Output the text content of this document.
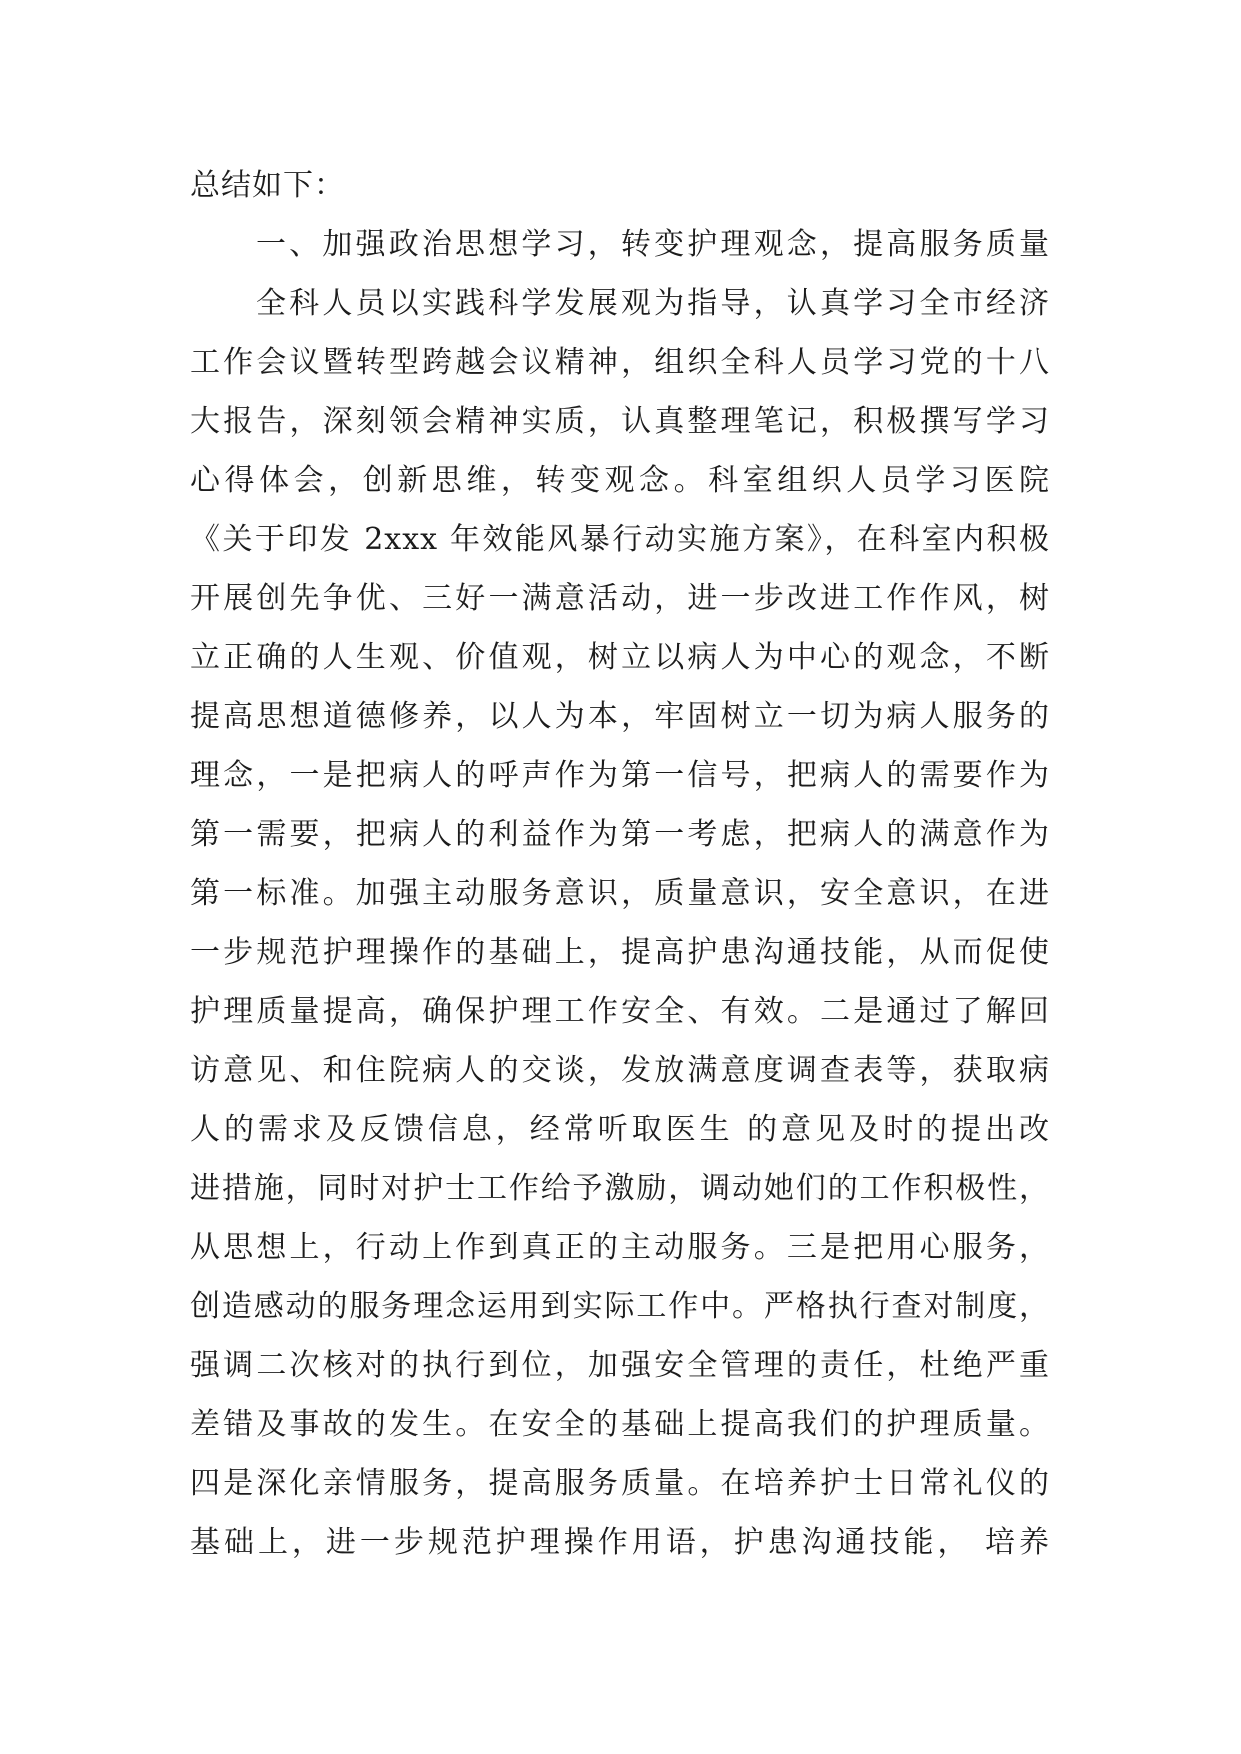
总结如下：
一、加强政治思想学习，转变护理观念，提高服务质量
全科人员以实践科学发展观为指导，认真学习全市经济
工作会议暨转型跨越会议精神，组织全科人员学习党的十八
大报告，深刻领会精神实质，认真整理笔记，积极撰写学习
心得体会，创新思维，转变观念。科室组织人员学习医院
《关于印发 2xxx 年效能风暴行动实施方案》，在科室内积极
开展创先争优、三好一满意活动，进一步改进工作作风，树
立正确的人生观、价值观，树立以病人为中心的观念，不断
提高思想道德修养，以人为本，牢固树立一切为病人服务的
理念，一是把病人的呼声作为第一信号，把病人的需要作为
第一需要，把病人的利益作为第一考虑，把病人的满意作为
第一标准。加强主动服务意识，质量意识，安全意识，在进
一步规范护理操作的基础上，提高护患沟通技能，从而促使
护理质量提高，确保护理工作安全、有效。二是通过了解回
访意见、和住院病人的交谈，发放满意度调查表等，获取病
人的需求及反馈信息，经常听取医生 的意见及时的提出改
进措施，同时对护士工作给予激励，调动她们的工作积极性，
从思想上，行动上作到真正的主动服务。三是把用心服务，
创造感动的服务理念运用到实际工作中。严格执行查对制度，
强调二次核对的执行到位，加强安全管理的责任，杜绝严重
差错及事故的发生。在安全的基础上提高我们的护理质量。
四是深化亲情服务，提高服务质量。在培养护士日常礼仪的
基础上，进一步规范护理操作用语，护患沟通技能， 培养
